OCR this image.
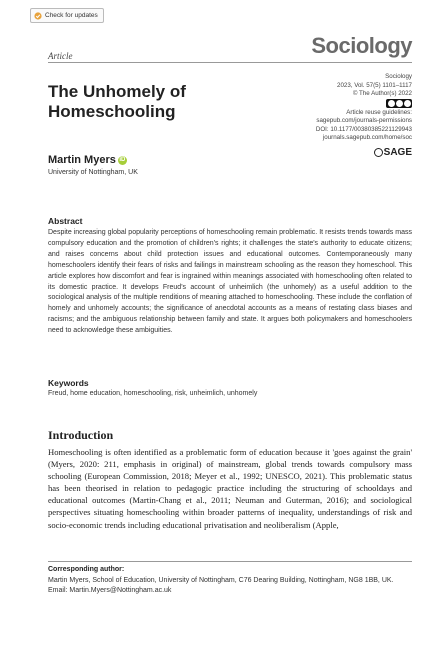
Check for updates
Article	Sociology
The Unhomely of Homeschooling
Sociology
2023, Vol. 57(5) 1101–1117
© The Author(s) 2022
Article reuse guidelines:
sagepub.com/journals-permissions
DOI: 10.1177/00380385221129943
journals.sagepub.com/home/soc
SAGE
Martin Myers iD
University of Nottingham, UK
Abstract
Despite increasing global popularity perceptions of homeschooling remain problematic. It resists trends towards mass compulsory education and the promotion of children's rights; it challenges the state's authority to educate citizens; and raises concerns about child protection issues and educational outcomes. Contemporaneously many homeschoolers identify their fears of risks and failings in mainstream schooling as the reason they homeschool. This article explores how discomfort and fear is ingrained within meanings associated with homeschooling often related to its domestic practice. It develops Freud's account of unheimlich (the unhomely) as a useful addition to the sociological analysis of the multiple renditions of meaning attached to homeschooling. These include the conflation of homely and unhomely accounts; the significance of anecdotal accounts as a means of restating class biases and racisms; and the ambiguous relationship between family and state. It argues both policymakers and homeschoolers need to acknowledge these ambiguities.
Keywords
Freud, home education, homeschooling, risk, unheimlich, unhomely
Introduction
Homeschooling is often identified as a problematic form of education because it 'goes against the grain' (Myers, 2020: 211, emphasis in original) of mainstream, global trends towards compulsory mass schooling (European Commission, 2018; Meyer et al., 1992; UNESCO, 2021). This problematic status has been theorised in relation to pedagogic practice including the structuring of schooldays and educational outcomes (Martin-Chang et al., 2011; Neuman and Guterman, 2016); and sociological perspectives situating homeschooling within broader patterns of inequality, understandings of risk and socio-economic trends including educational privatisation and neoliberalism (Apple,
Corresponding author:
Martin Myers, School of Education, University of Nottingham, C76 Dearing Building, Nottingham, NG8 1BB, UK.
Email: Martin.Myers@Nottingham.ac.uk
